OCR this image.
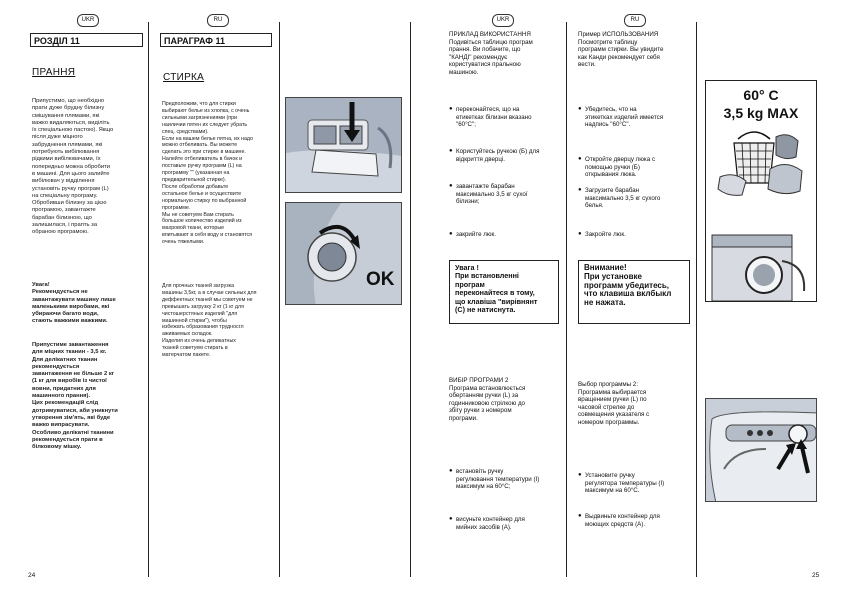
UKR
РОЗДІЛ 11
ПРАННЯ
Припустимо, що необхідно
прати дуже брудну білизну
смішування плямами, які
важко видаляються, виділіть
їх спеціальною пастою). Якщо
після дуже міцного
забруднення плямами, які
потребують вибілювання
рідкими вибілювачами, їх
попередньо можна обробити
в машині. Для цього залийте
вибілювач у відділення
установіть ручку програм (L)
на спеціальну програму.
Обробивши білизну за цією
програмою, завантажте
барабан білизною, що
залишилася, і прапть за
обраною програмою.
Увага!
Рекомендується не
завантажувати машину лише
маленькими виробами, які
убираючи багато води,
стають важкими важкими.
Припустиме завантаження
для міцних тканин - 3,5 кг.
Для делікатних тканин
рекомендується
завантаження не більше 2 кг
(1 кг для виробів із чистої
вовни, придатних для
машинного прання).
Цих рекомендацій слід
дотримуватися, аби уникнути
утворення зім'ять, які буде
важко випрасувати.
Особливо делікатні тканини
рекомендується прати в
білковому мішку.
24
RU
ПАРАГРАФ 11
СТИРКА
Предположим, что для стирки
выбирают белье из хлопка, с очень
сильными загрязнениями (при
наиличии пятен их следует убрать
спец. средствами).
Если на вашем белье пятна, их надо
можно отбеливать. Вы можете
сделать это при стирке в машине.
Налейте отбеливатель в бачок и
поставьте ручку программ (L) на
программу "" (указанная на
предварительной стирке).
После обработки добавьте
остальное белье и осуществите
нормальную стирку по выбранной
программе.
Мы не советуем Вам стирать
большое количество изделий из
махровой ткани, которые
впитывают в себя воду и становятся
очень тяжелыми.
Для прочных тканей загрузка
машины 3,5кг, а в случае сильных для
деффектных тканей мы советуем не
превышать загрузку 2 кг (1 кг для
чистошерстяных изделий "для
машинной стирки"), чтобы
избежать образования трудносгл
аживаемых складок.
Изделия из очень деликатных
тканей советуем стирать в
матерчатом пакете.
OK
UKR
ПРИКЛАД ВИКОРИСТАННЯ
Подивіться таблицю програм
прання. Ви побачите, що
"КАНДІ" рекомендує
користуватися пральною
машиною.
● переконайтеся, що на
етикетках білизни вказано
"60°С";
● Користуйтесь ручкою (Б) для
відкриття дверці.
● завантажте барабан
максимально 3,5 кг сухої
білизни;
● закрийте люк.
Увага !
При встановленні
програм
переконайтеся в тому,
що клавіша "вирівнянт
(С) не натиснута.
ВИБІР ПРОГРАМИ 2
Програма встановлюється
обертанням ручки (L) за
годинниковою стрілкою до
збігу ручки з номером
програми.
● встановіть ручку
регулювання температури (I)
максимум на 60°С;
● висуньте контейнер для
мийних засобів (А).
RU
Пример ИСПОЛЬЗОВАНИЯ
Посмотрите таблицу
программ стирки. Вы увидите
как Канди рекомендует себя
вести.
● Убедитесь, что на
этикетках изделий имеется
надпись "60°С".
● Откройте дверцу люка с
помощью ручки (Б)
открывания люка.
● Загрузите барабан
максимально 3,5 кг сухого
белья.
● Закройте люк.
Внимание!
При установке
программ убедитесь,
что клавиша вклбыкл
не нажата.
Выбор программы 2:
Программа выбирается
вращением ручки (L) по
часовой стрелке до
совмещения указателя с
номером программы.
● Установите ручку
регулятора температуры (I)
максимум на 60°С.
● Выдвиньте контейнер для
моющих средств (А).
25
60° C
3,5 kg MAX
